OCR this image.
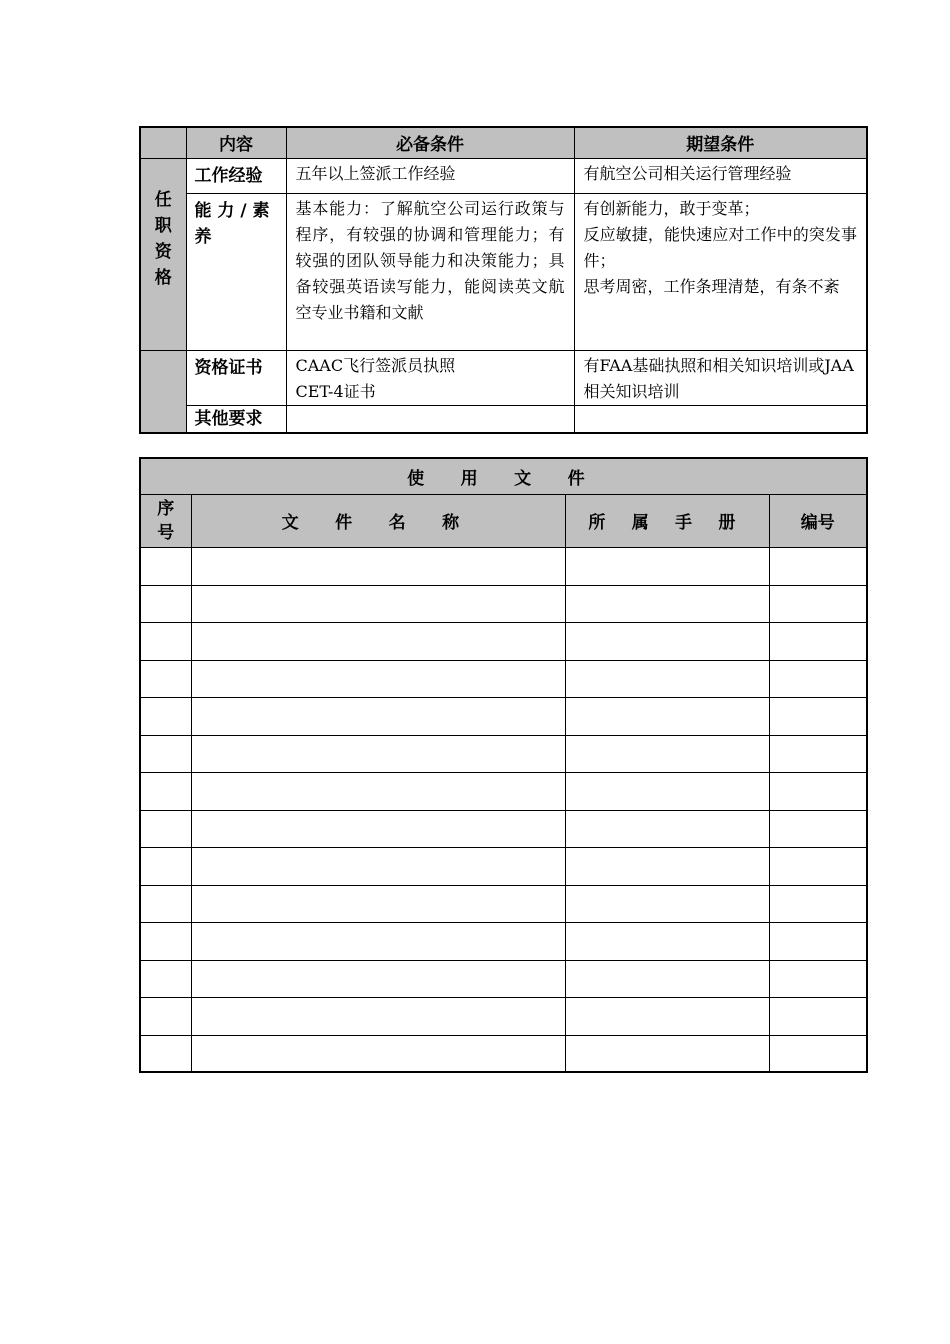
	内容	必备条件	期望条件

任
职
资
格	工作经验	五年以上签派工作经验	有航空公司相关运行管理经验
	能 力 / 素 养	基本能力：了解航空公司运行政策与程序，有较强的协调和管理能力；有较强的团队领导能力和决策能力；具备较强英语读写能力，能阅读英文航空专业书籍和文献	有创新能力，敢于变革；
反应敏捷，能快速应对工作中的突发事件；
思考周密，工作条理清楚，有条不紊
	资格证书	CAAC飞行签派员执照
CET-4证书	有FAA基础执照和相关知识培训或JAA相关知识培训
	其他要求		
使 用 文 件			
序号	文 件 名 称	所 属 手 册	编号
